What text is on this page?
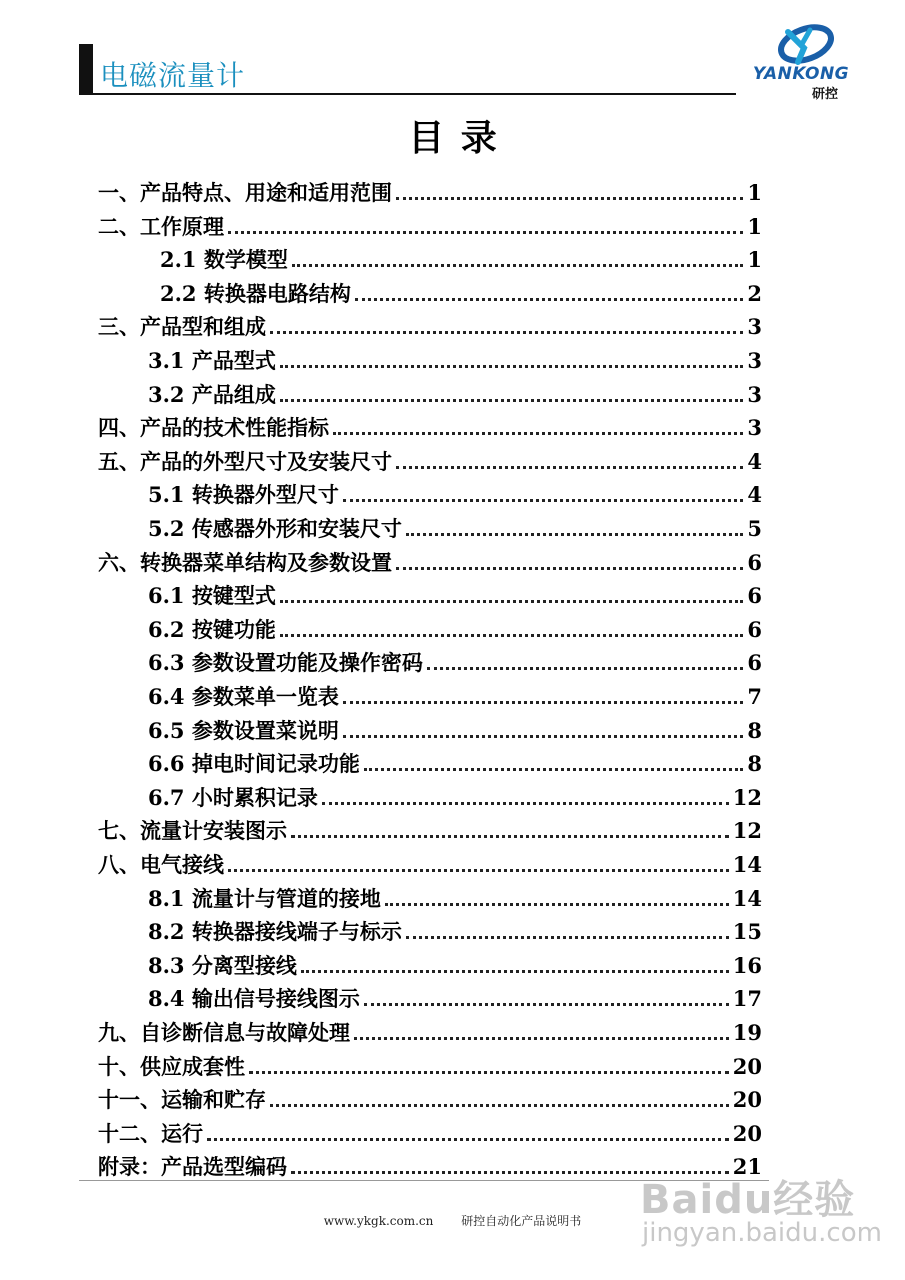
电磁流量计	YANKONG
研控
目 录
一、产品特点、用途和适用范围	1
二、工作原理	1
2.1 数学模型	1
2.2 转换器电路结构	2
三、产品型和组成	3
3.1 产品型式	3
3.2 产品组成	3
四、产品的技术性能指标	3
五、产品的外型尺寸及安装尺寸	4
5.1 转换器外型尺寸	4
5.2 传感器外形和安装尺寸	5
六、转换器菜单结构及参数设置	6
6.1 按键型式	6
6.2 按键功能	6
6.3 参数设置功能及操作密码	6
6.4 参数菜单一览表	7
6.5 参数设置菜说明	8
6.6 掉电时间记录功能	8
6.7 小时累积记录	12
七、流量计安装图示	12
八、电气接线	14
8.1 流量计与管道的接地	14
8.2 转换器接线端子与标示	15
8.3 分离型接线	16
8.4 输出信号接线图示	17
九、自诊断信息与故障处理	19
十、供应成套性	20
十一、运输和贮存	20
十二、运行	20
附录：产品选型编码	21
www.ykgk.com.cn 研控自动化产品说明书	Baidu经验
jingyan.baidu.com
